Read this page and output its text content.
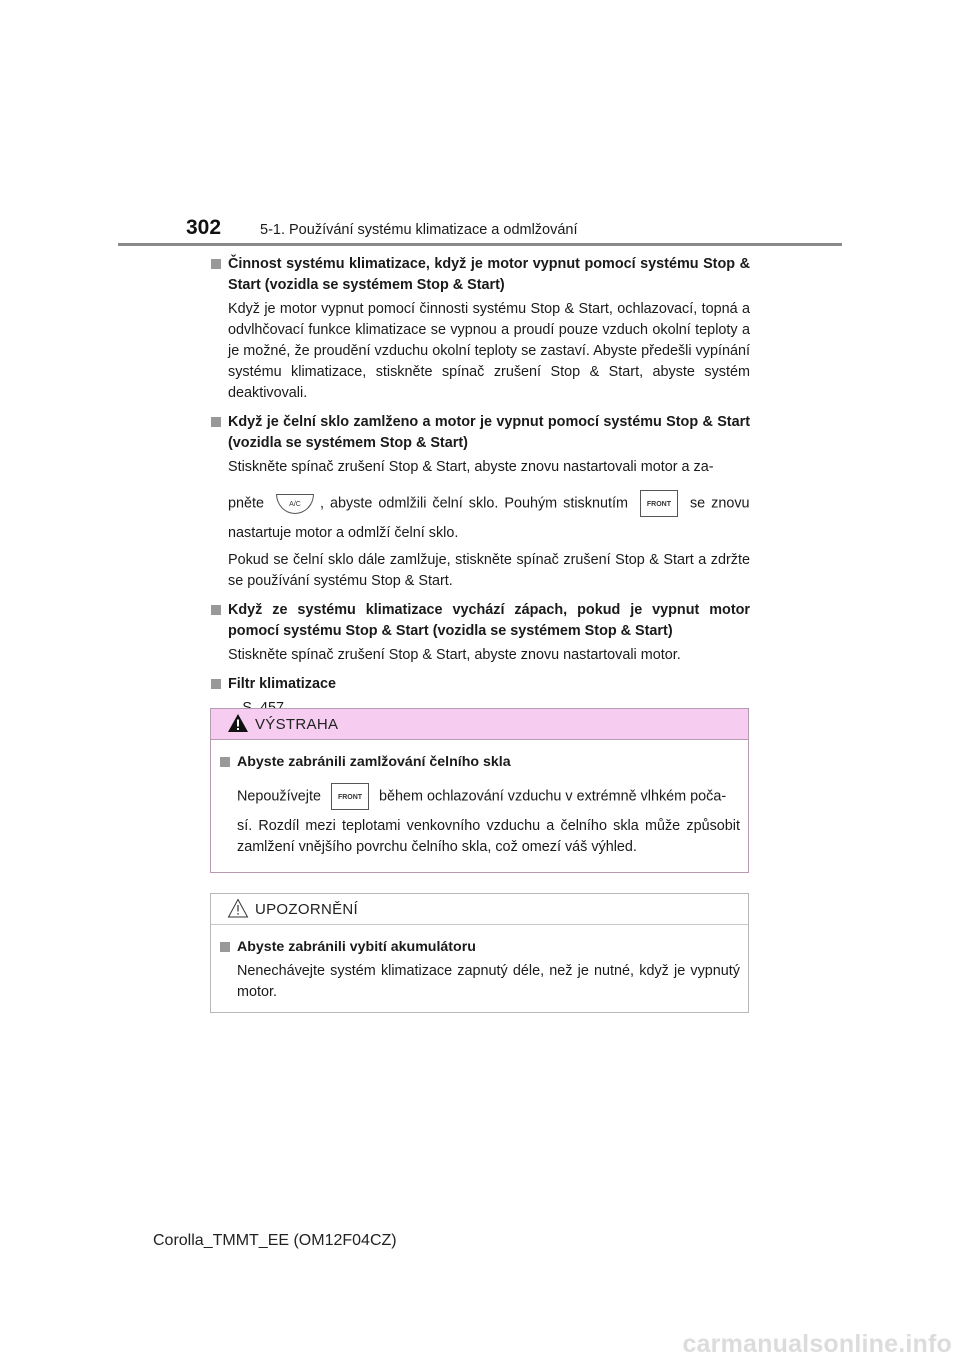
302	5-1. Používání systému klimatizace a odmlžování

Činnost systému klimatizace, když je motor vypnut pomocí systému Stop & Start (vozidla se systémem Stop & Start)

Když je motor vypnut pomocí činnosti systému Stop & Start, ochlazovací, topná a odvlhčovací funkce klimatizace se vypnou a proudí pouze vzduch okolní teploty a je možné, že proudění vzduchu okolní teploty se zastaví. Abyste předešli vypínání systému klimatizace, stiskněte spínač zrušení Stop & Start, abyste systém deaktivovali.

Když je čelní sklo zamlženo a motor je vypnut pomocí systému Stop & Start (vozidla se systémem Stop & Start)

Stiskněte spínač zrušení Stop & Start, abyste znovu nastartovali motor a za-

pněte	A/C , abyste odmlžili čelní sklo. Pouhým stisknutím	FRONT se znovu

nastartuje motor a odmlží čelní sklo.

Pokud se čelní sklo dále zamlžuje, stiskněte spínač zrušení Stop & Start a zdržte se používání systému Stop & Start.

Když ze systému klimatizace vychází zápach, pokud je vypnut motor pomocí systému Stop & Start (vozidla se systémem Stop & Start)

Stiskněte spínač zrušení Stop & Start, abyste znovu nastartovali motor.

Filtr klimatizace

VÝSTRAHA

Abyste zabránili zamlžování čelního skla

Nepoužívejte FRONT během ochlazování vzduchu v extrémně vlhkém poča-

sí. Rozdíl mezi teplotami venkovního vzduchu a čelního skla může způsobit zamlžení vnějšího povrchu čelního skla, což omezí váš výhled.

UPOZORNĚNÍ

Abyste zabránili vybití akumulátoru

Nenechávejte systém klimatizace zapnutý déle, než je nutné, když je vypnutý motor.

Corolla_TMMT_EE (OM12F04CZ)
carmanualsonline.info
